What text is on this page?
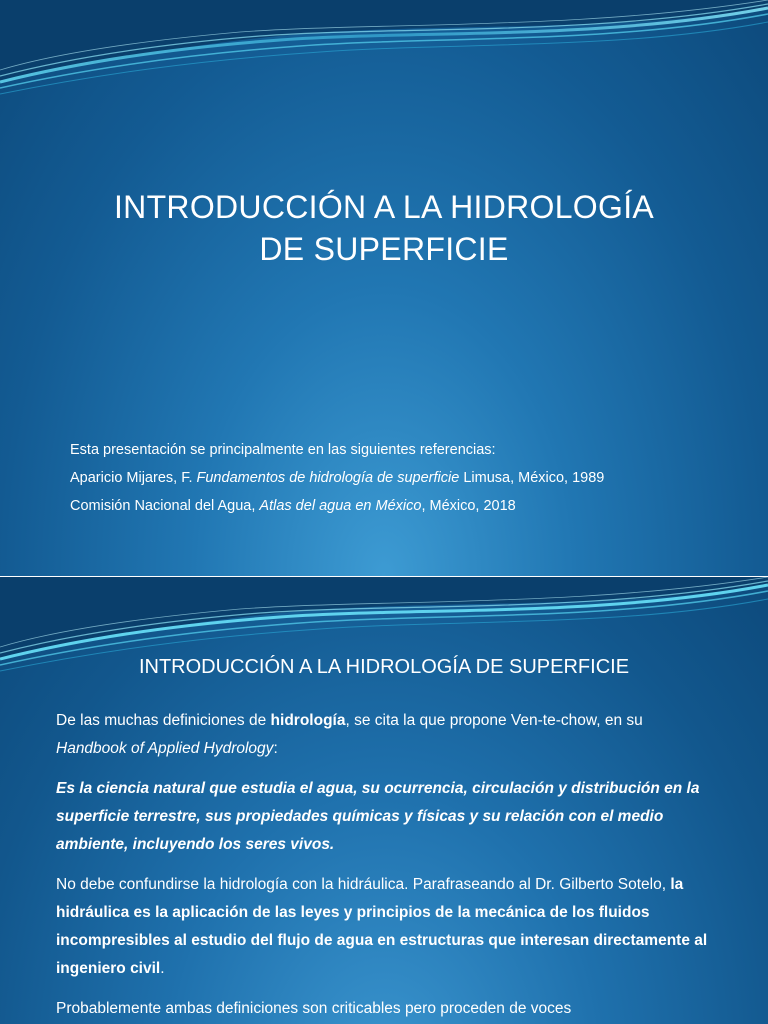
INTRODUCCIÓN A LA HIDROLOGÍA
DE SUPERFICIE
Esta presentación se principalmente en las siguientes referencias:
Aparicio Mijares, F. Fundamentos de hidrología de superficie Limusa, México, 1989
Comisión Nacional del Agua, Atlas del agua en México, México, 2018
INTRODUCCIÓN A LA HIDROLOGÍA DE SUPERFICIE

De las muchas definiciones de hidrología, se cita la que propone Ven-te-chow, en su Handbook of Applied Hydrology:

Es la ciencia natural que estudia el agua, su ocurrencia, circulación y distribución en la superficie terrestre, sus propiedades químicas y físicas y su relación con el medio ambiente, incluyendo los seres vivos.

No debe confundirse la hidrología con la hidráulica. Parafraseando al Dr. Gilberto Sotelo, la hidráulica es la aplicación de las leyes y principios de la mecánica de los fluidos incompresibles al estudio del flujo de agua en estructuras que interesan directamente al ingeniero civil.

Probablemente ambas definiciones son criticables pero proceden de voces
